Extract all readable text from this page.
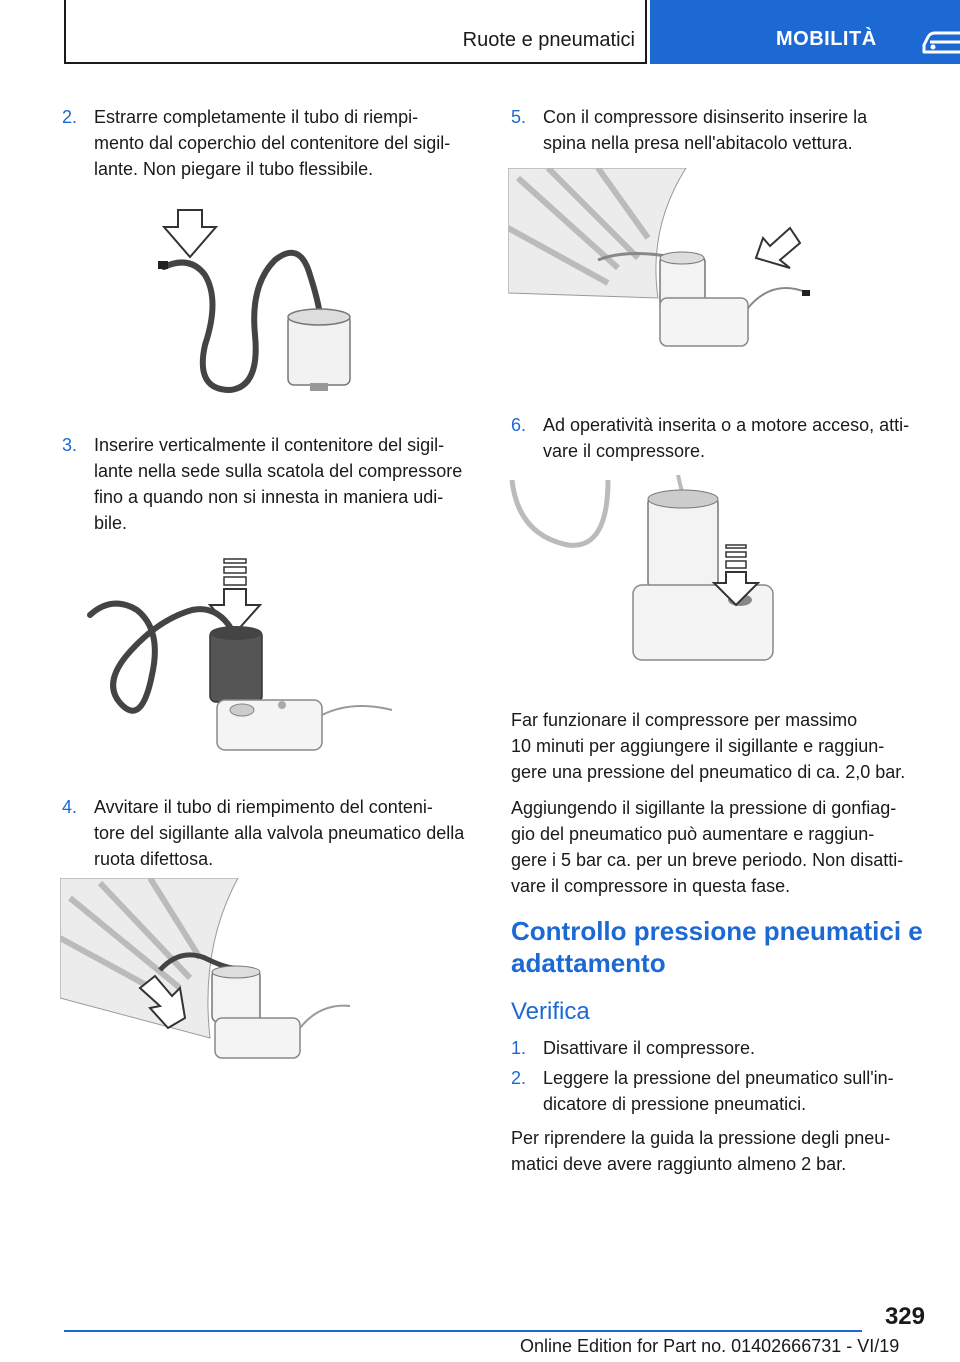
Ruote e pneumatici	MOBILITÀ

2. Estrarre completamente il tubo di riempi-
mento dal coperchio del contenitore del sigil-
lante. Non piegare il tubo flessibile.

3. Inserire verticalmente il contenitore del sigil-
lante nella sede sulla scatola del compressore
fino a quando non si innesta in maniera udi-
bile.

4. Avvitare il tubo di riempimento del conteni-
tore del sigillante alla valvola pneumatico della
ruota difettosa.

5. Con il compressore disinserito inserire la
spina nella presa nell'abitacolo vettura.

6. Ad operatività inserita o a motore acceso, atti-
vare il compressore.

Far funzionare il compressore per massimo
10 minuti per aggiungere il sigillante e raggiun-
gere una pressione del pneumatico di ca. 2,0 bar.

Aggiungendo il sigillante la pressione di gonfiag-
gio del pneumatico può aumentare e raggiun-
gere i 5 bar ca. per un breve periodo. Non disatti-
vare il compressore in questa fase.

Controllo pressione pneumatici e
adattamento
Verifica

1. Disattivare il compressore.

2. Leggere la pressione del pneumatico sull'in-
dicatore di pressione pneumatici.

Per riprendere la guida la pressione degli pneu-
matici deve avere raggiunto almeno 2 bar.

329
Online Edition for Part no. 01402666731 - VI/19
